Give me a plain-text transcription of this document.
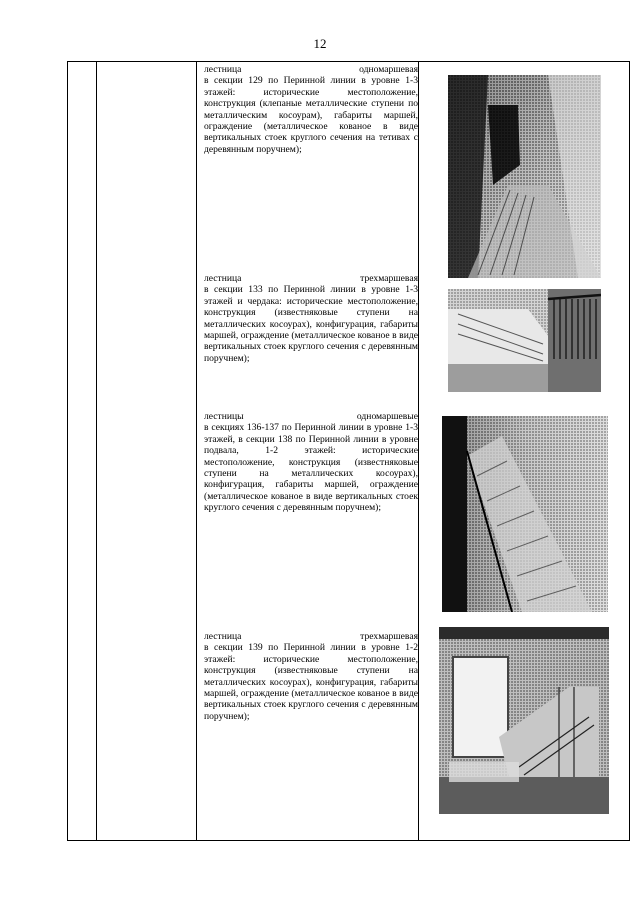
12
лестница	одномаршевая
в секции 129 по Перинной линии в уровне 1-3 этажей: исторические местоположение, конструкция (клепаные металлические ступени по металлическим косоурам), габариты маршей, ограждение (металлическое кованое в виде вертикальных стоек круглого сечения на тетивах с деревянным поручнем);
лестница	трехмаршевая
в секции 133 по Перинной линии в уровне 1-3 этажей и чердака: исторические местоположение, конструкция (известняковые ступени на металлических косоурах), конфигурация, габариты маршей, ограждение (металлическое кованое в виде вертикальных стоек круглого сечения с деревянным поручнем);
лестницы	одномаршевые
в секциях 136-137 по Перинной линии в уровне 1-3 этажей, в секции 138 по Перинной линии в уровне подвала, 1-2 этажей: исторические местоположение, конструкция (известняковые ступени на металлических косоурах), конфигурация, габариты маршей, ограждение (металлическое кованое в виде вертикальных стоек круглого сечения с деревянным поручнем);
лестница	трехмаршевая
в секции 139 по Перинной линии в уровне 1-2 этажей: исторические местоположение, конструкция (известняковые ступени на металлических косоурах), конфигурация, габариты маршей, ограждение (металлическое кованое в виде вертикальных стоек круглого сечения с деревянным поручнем);
